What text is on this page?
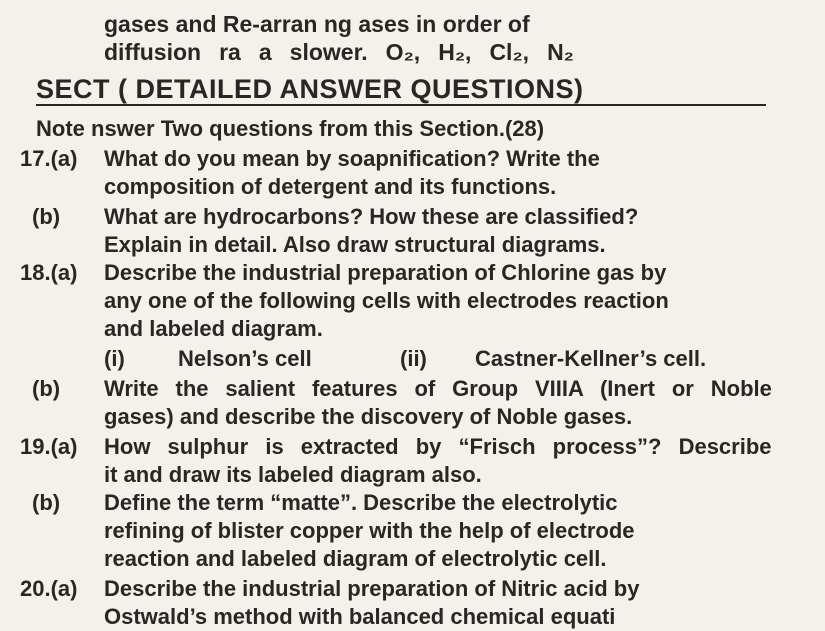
gases and Re-arran ng ases in order of
diffusion ra a slower. O₂, H₂, Cl₂, N₂
SECT ( DETAILED ANSWER QUESTIONS)
Note nswer Two questions from this Section.(28)
17.(a) What do you mean by soapnification? Write the
composition of detergent and its functions.
(b) What are hydrocarbons? How these are classified?
Explain in detail. Also draw structural diagrams.
18.(a) Describe the industrial preparation of Chlorine gas by
any one of the following cells with electrodes reaction
and labeled diagram.
(i) Nelson’s cell	(ii) Castner-Kellner’s cell.
(b) Write the salient features of Group VIIIA (Inert or Noble
gases) and describe the discovery of Noble gases.
19.(a) How sulphur is extracted by “Frisch process”? Describe
it and draw its labeled diagram also.
(b) Define the term “matte”. Describe the electrolytic
refining of blister copper with the help of electrode
reaction and labeled diagram of electrolytic cell.
20.(a) Describe the industrial preparation of Nitric acid by
Ostwald’s method with balanced chemical equati
